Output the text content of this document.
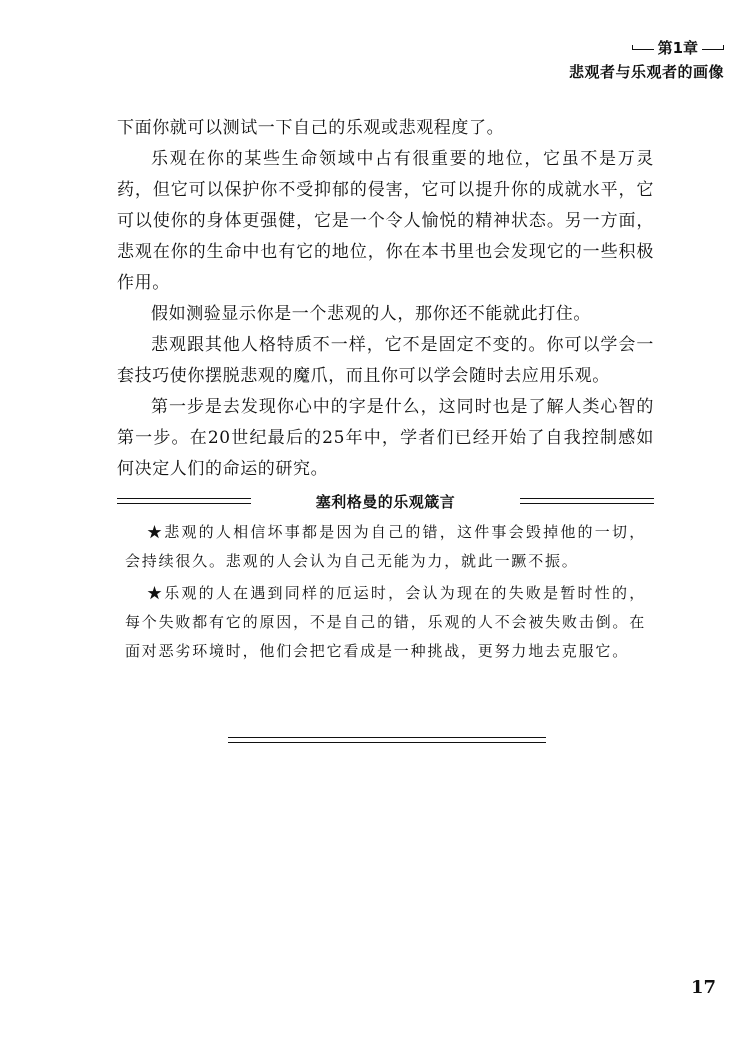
第1章
悲观者与乐观者的画像

下面你就可以测试一下自己的乐观或悲观程度了。

乐观在你的某些生命领域中占有很重要的地位，它虽不是万灵药，但它可以保护你不受抑郁的侵害，它可以提升你的成就水平，它可以使你的身体更强健，它是一个令人愉悦的精神状态。另一方面，悲观在你的生命中也有它的地位，你在本书里也会发现它的一些积极作用。

假如测验显示你是一个悲观的人，那你还不能就此打住。

悲观跟其他人格特质不一样，它不是固定不变的。你可以学会一套技巧使你摆脱悲观的魔爪，而且你可以学会随时去应用乐观。

第一步是去发现你心中的字是什么，这同时也是了解人类心智的第一步。在20世纪最后的25年中，学者们已经开始了自我控制感如何决定人们的命运的研究。

塞利格曼的乐观箴言

★悲观的人相信坏事都是因为自己的错，这件事会毁掉他的一切，会持续很久。悲观的人会认为自己无能为力，就此一蹶不振。

★乐观的人在遇到同样的厄运时，会认为现在的失败是暂时性的，每个失败都有它的原因，不是自己的错，乐观的人不会被失败击倒。在面对恶劣环境时，他们会把它看成是一种挑战，更努力地去克服它。

17
